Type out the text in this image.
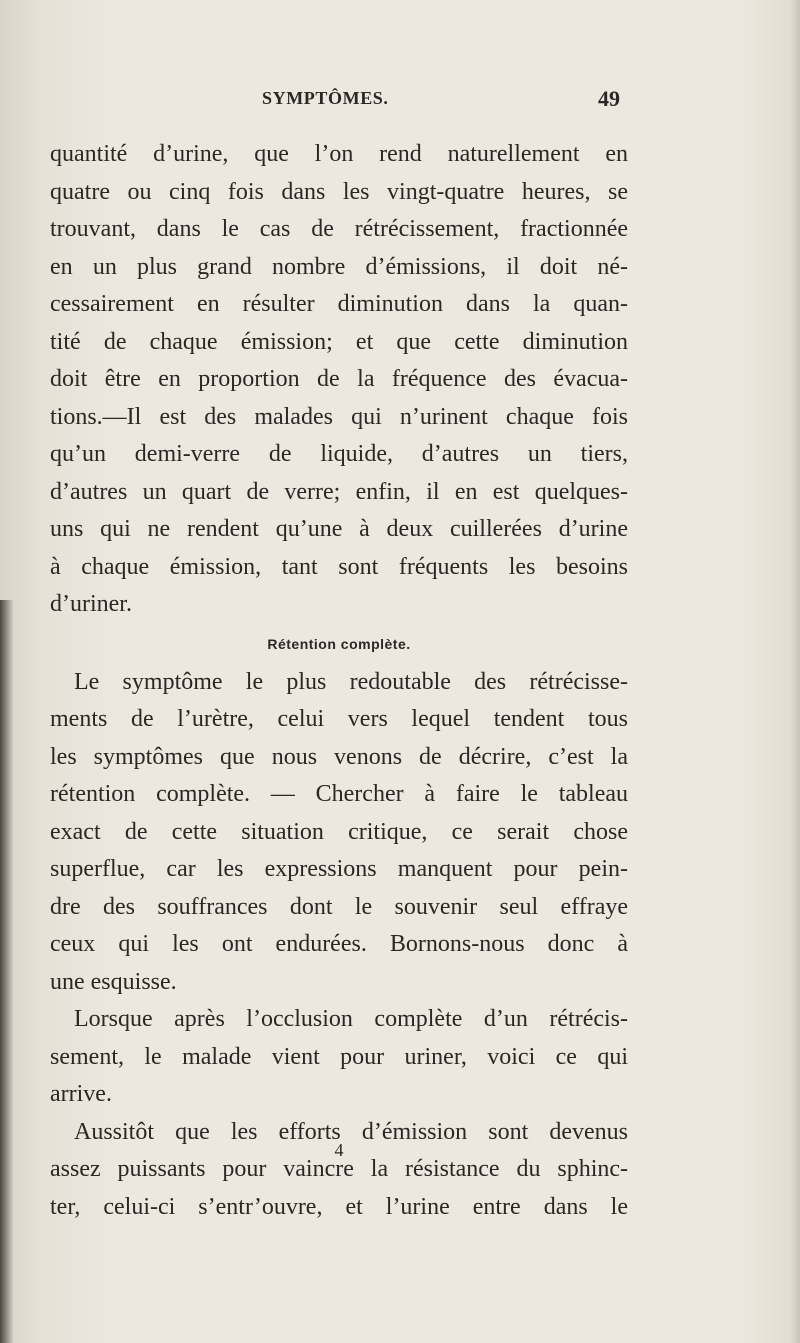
SYMPTÔMES.	49
quantité d’urine, que l’on rend naturellement en
quatre ou cinq fois dans les vingt-quatre heures, se
trouvant, dans le cas de rétrécissement, fractionnée
en un plus grand nombre d’émissions, il doit né-
cessairement en résulter diminution dans la quan-
tité de chaque émission; et que cette diminution
doit être en proportion de la fréquence des évacua-
tions.—Il est des malades qui n’urinent chaque fois
qu’un demi-verre de liquide, d’autres un tiers,
d’autres un quart de verre; enfin, il en est quelques-
uns qui ne rendent qu’une à deux cuillerées d’urine
à chaque émission, tant sont fréquents les besoins
d’uriner.
Rétention complète.
Le symptôme le plus redoutable des rétrécisse-
ments de l’urètre, celui vers lequel tendent tous
les symptômes que nous venons de décrire, c’est la
rétention complète. — Chercher à faire le tableau
exact de cette situation critique, ce serait chose
superflue, car les expressions manquent pour pein-
dre des souffrances dont le souvenir seul effraye
ceux qui les ont endurées. Bornons-nous donc à
une esquisse.
Lorsque après l’occlusion complète d’un rétrécis-
sement, le malade vient pour uriner, voici ce qui
arrive.
Aussitôt que les efforts d’émission sont devenus
assez puissants pour vaincre la résistance du sphinc-
ter, celui-ci s’entr’ouvre, et l’urine entre dans le
4
